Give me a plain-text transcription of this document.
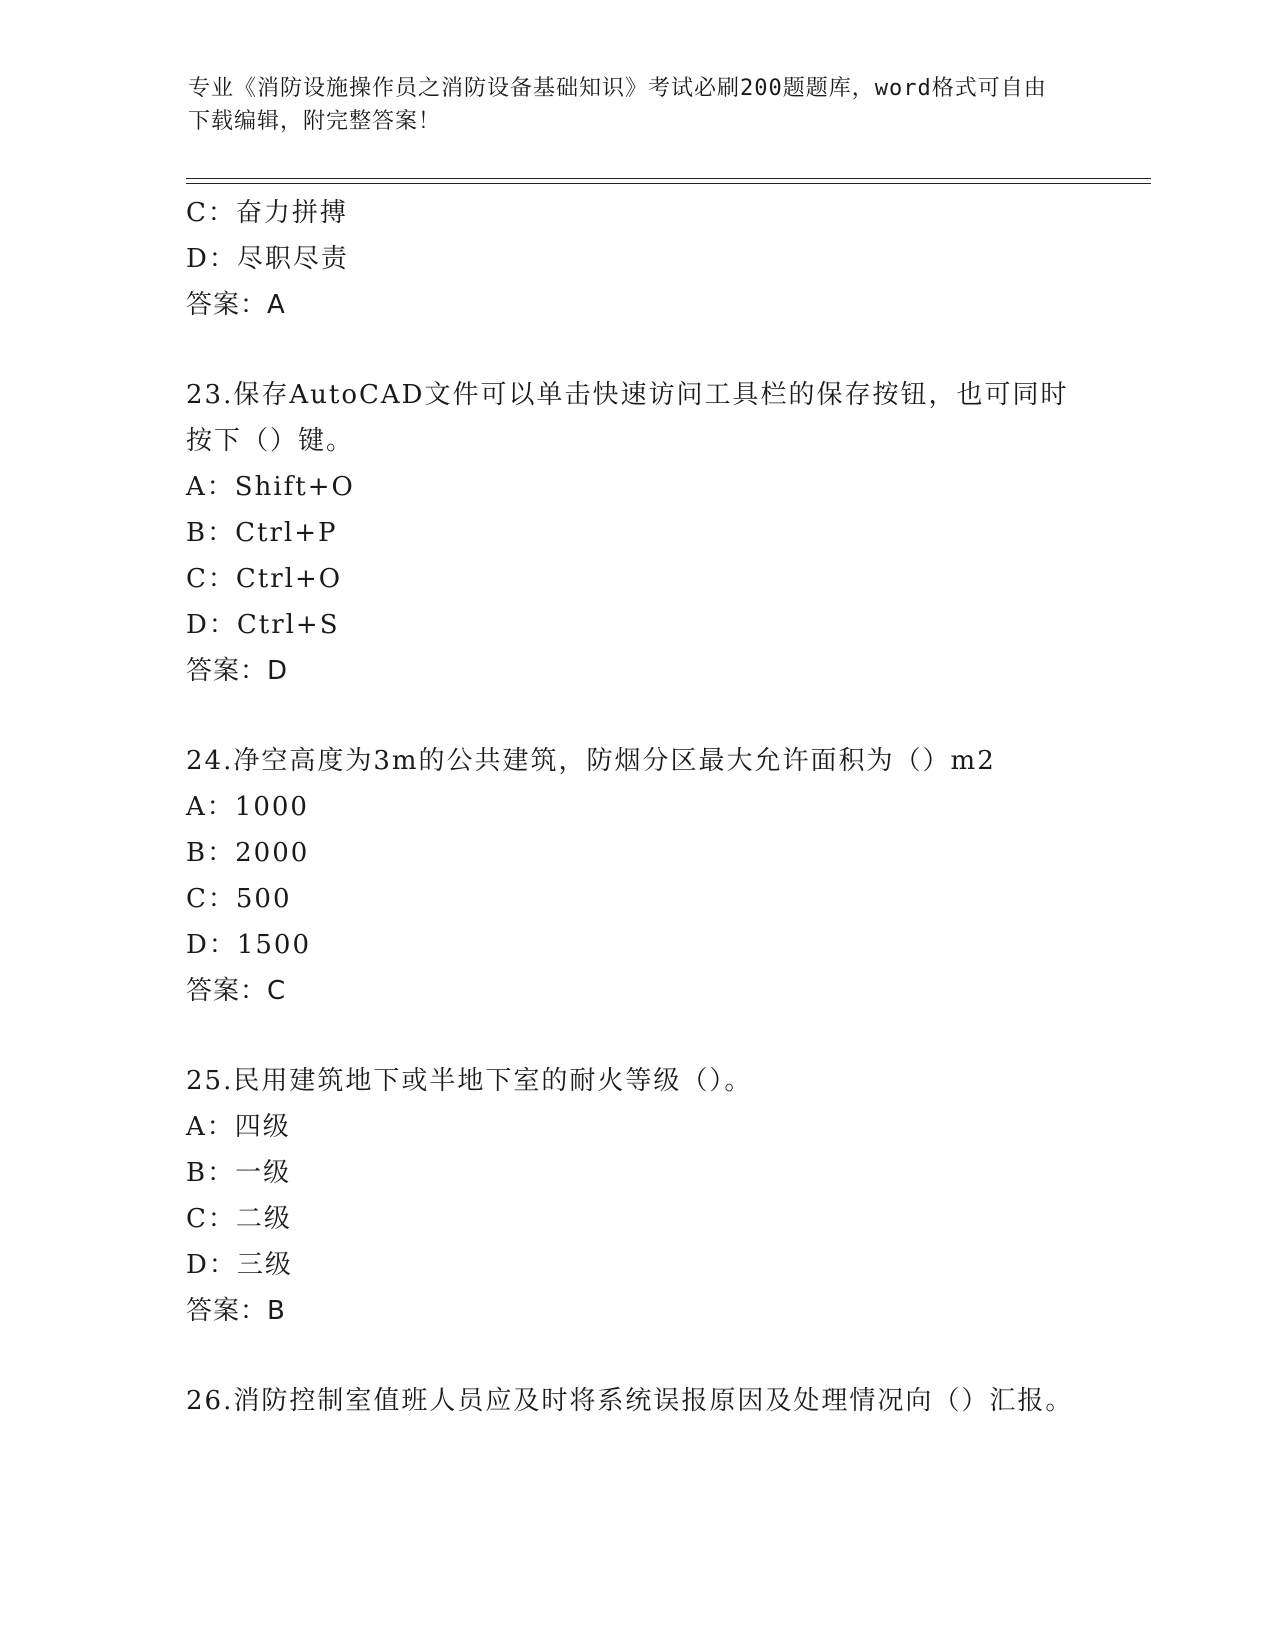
专业《消防设施操作员之消防设备基础知识》考试必刷200题题库，word格式可自由下载编辑，附完整答案！
C：奋力拼搏
D：尽职尽责
答案：A
23.保存AutoCAD文件可以单击快速访问工具栏的保存按钮，也可同时按下（）键。
A：Shift+O
B：Ctrl+P
C：Ctrl+O
D：Ctrl+S
答案：D
24.净空高度为3m的公共建筑，防烟分区最大允许面积为（）m2
A：1000
B：2000
C：500
D：1500
答案：C
25.民用建筑地下或半地下室的耐火等级（）。
A：四级
B：一级
C：二级
D：三级
答案：B
26.消防控制室值班人员应及时将系统误报原因及处理情况向（）汇报。
